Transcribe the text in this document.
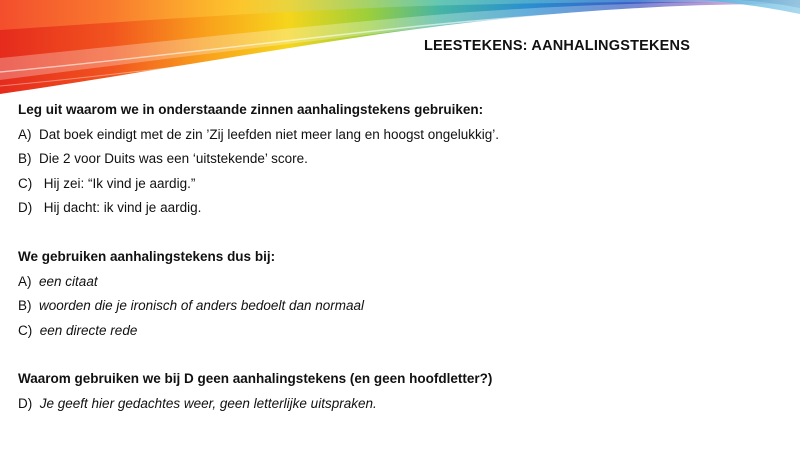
LEESTEKENS: AANHALINGSTEKENS
Leg uit waarom we in onderstaande zinnen aanhalingstekens gebruiken:
A)  Dat boek eindigt met de zin ’Zij leefden niet meer lang en hoogst ongelukkig’.
B)  Die 2 voor Duits was een ‘uitstekende’ score.
C) Hij zei: “Ik vind je aardig.”
D) Hij dacht: ik vind je aardig.
We gebruiken aanhalingstekens dus bij:
A)  een citaat
B)  woorden die je ironisch of anders bedoelt dan normaal
C)  een directe rede
Waarom gebruiken we bij D geen aanhalingstekens (en geen hoofdletter?)
D)  Je geeft hier gedachtes weer, geen letterlijke uitspraken.
